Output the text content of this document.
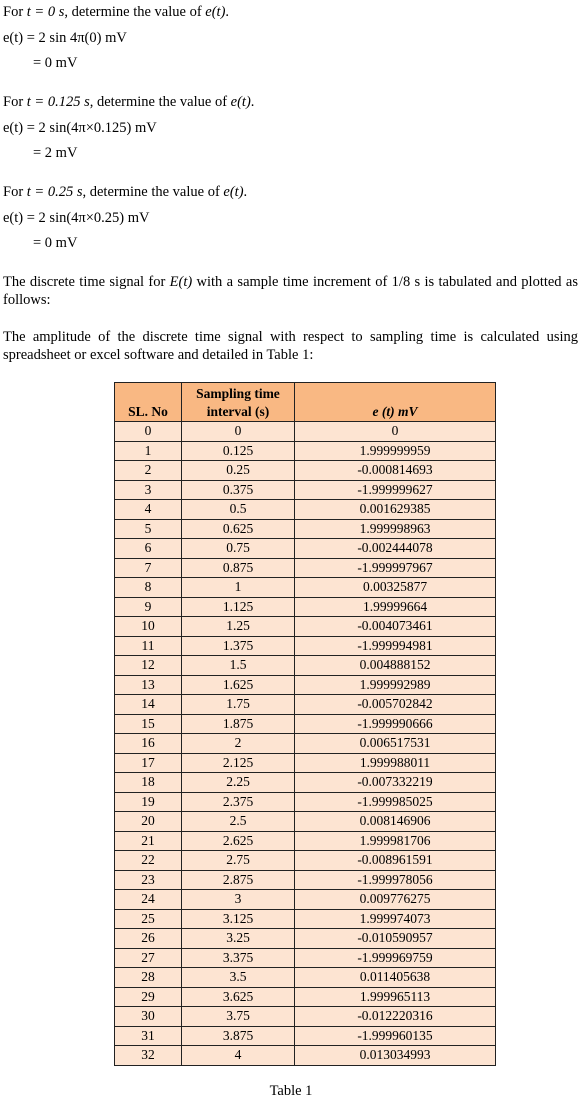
For t = 0 s, determine the value of e(t).
e(t) = 2 sin 4π(0) mV
= 0 mV
For t = 0.125 s, determine the value of e(t).
e(t) = 2 sin(4π×0.125) mV
= 2 mV
For t = 0.25 s, determine the value of e(t).
e(t) = 2 sin(4π×0.25) mV
= 0 mV
The discrete time signal for E(t) with a sample time increment of 1/8 s is tabulated and plotted as follows:
The amplitude of the discrete time signal with respect to sampling time is calculated using spreadsheet or excel software and detailed in Table 1:
SL. No	Sampling time interval (s)	e (t) mV
0	0	0
1	0.125	1.999999959
2	0.25	-0.000814693
3	0.375	-1.999999627
4	0.5	0.001629385
5	0.625	1.999998963
6	0.75	-0.002444078
7	0.875	-1.999997967
8	1	0.00325877
9	1.125	1.99999664
10	1.25	-0.004073461
11	1.375	-1.999994981
12	1.5	0.004888152
13	1.625	1.999992989
14	1.75	-0.005702842
15	1.875	-1.999990666
16	2	0.006517531
17	2.125	1.999988011
18	2.25	-0.007332219
19	2.375	-1.999985025
20	2.5	0.008146906
21	2.625	1.999981706
22	2.75	-0.008961591
23	2.875	-1.999978056
24	3	0.009776275
25	3.125	1.999974073
26	3.25	-0.010590957
27	3.375	-1.999969759
28	3.5	0.011405638
29	3.625	1.999965113
30	3.75	-0.012220316
31	3.875	-1.999960135
32	4	0.013034993
Table 1
